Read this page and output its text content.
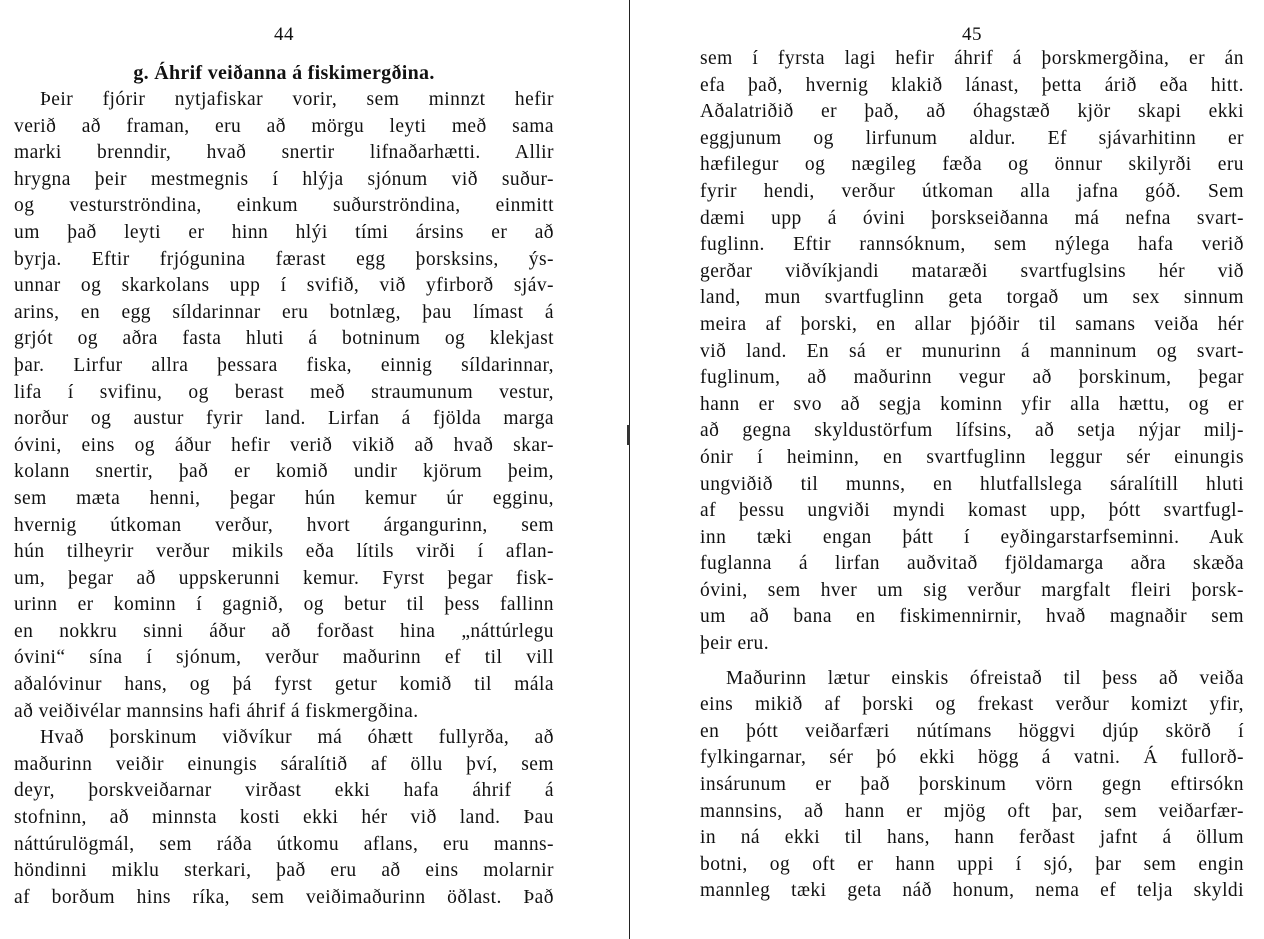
44
g. Áhrif veiðanna á fiskimergðina.
Þeir fjórir nytjafiskar vorir, sem minnzt hefir
verið að framan, eru að mörgu leyti með sama
marki brenndir, hvað snertir lifnaðarhætti. Allir
hrygna þeir mestmegnis í hlýja sjónum við suður-
og vesturströndina, einkum suðurströndina, einmitt
um það leyti er hinn hlýi tími ársins er að
byrja. Eftir frjógunina færast egg þorsksins, ýs-
unnar og skarkolans upp í svifið, við yfirborð sjáv-
arins, en egg síldarinnar eru botnlæg, þau límast á
grjót og aðra fasta hluti á botninum og klekjast
þar. Lirfur allra þessara fiska, einnig síldarinnar,
lifa í svifinu, og berast með straumunum vestur,
norður og austur fyrir land. Lirfan á fjölda marga
óvini, eins og áður hefir verið vikið að hvað skar-
kolann snertir, það er komið undir kjörum þeim,
sem mæta henni, þegar hún kemur úr egginu,
hvernig útkoman verður, hvort árgangurinn, sem
hún tilheyrir verður mikils eða lítils virði í aflan-
um, þegar að uppskerunni kemur. Fyrst þegar fisk-
urinn er kominn í gagnið, og betur til þess fallinn
en nokkru sinni áður að forðast hina „náttúrlegu
óvini“ sína í sjónum, verður maðurinn ef til vill
aðalóvinur hans, og þá fyrst getur komið til mála
að veiðivélar mannsins hafi áhrif á fiskmergðina.
Hvað þorskinum viðvíkur má óhætt fullyrða, að
maðurinn veiðir einungis sáralítið af öllu því, sem
deyr, þorskveiðarnar virðast ekki hafa áhrif á
stofninn, að minnsta kosti ekki hér við land. Þau
náttúrulögmál, sem ráða útkomu aflans, eru manns-
höndinni miklu sterkari, það eru að eins molarnir
af borðum hins ríka, sem veiðimaðurinn öðlast. Það
45
sem í fyrsta lagi hefir áhrif á þorskmergðina, er án
efa það, hvernig klakið lánast, þetta árið eða hitt.
Aðalatriðið er það, að óhagstæð kjör skapi ekki
eggjunum og lirfunum aldur. Ef sjávarhitinn er
hæfilegur og nægileg fæða og önnur skilyrði eru
fyrir hendi, verður útkoman alla jafna góð. Sem
dæmi upp á óvini þorskseiðanna má nefna svart-
fuglinn. Eftir rannsóknum, sem nýlega hafa verið
gerðar viðvíkjandi mataræði svartfuglsins hér við
land, mun svartfuglinn geta torgað um sex sinnum
meira af þorski, en allar þjóðir til samans veiða hér
við land. En sá er munurinn á manninum og svart-
fuglinum, að maðurinn vegur að þorskinum, þegar
hann er svo að segja kominn yfir alla hættu, og er
að gegna skyldustörfum lífsins, að setja nýjar milj-
ónir í heiminn, en svartfuglinn leggur sér einungis
ungviðið til munns, en hlutfallslega sáralítill hluti
af þessu ungviði myndi komast upp, þótt svartfugl-
inn tæki engan þátt í eyðingarstarfseminni. Auk
fuglanna á lirfan auðvitað fjöldamarga aðra skæða
óvini, sem hver um sig verður margfalt fleiri þorsk-
um að bana en fiskimennirnir, hvað magnaðir sem
þeir eru.
Maðurinn lætur einskis ófreistað til þess að veiða
eins mikið af þorski og frekast verður komizt yfir,
en þótt veiðarfæri nútímans höggvi djúp skörð í
fylkingarnar, sér þó ekki högg á vatni. Á fullorð-
insárunum er það þorskinum vörn gegn eftirsókn
mannsins, að hann er mjög oft þar, sem veiðarfær-
in ná ekki til hans, hann ferðast jafnt á öllum
botni, og oft er hann uppi í sjó, þar sem engin
mannleg tæki geta náð honum, nema ef telja skyldi
